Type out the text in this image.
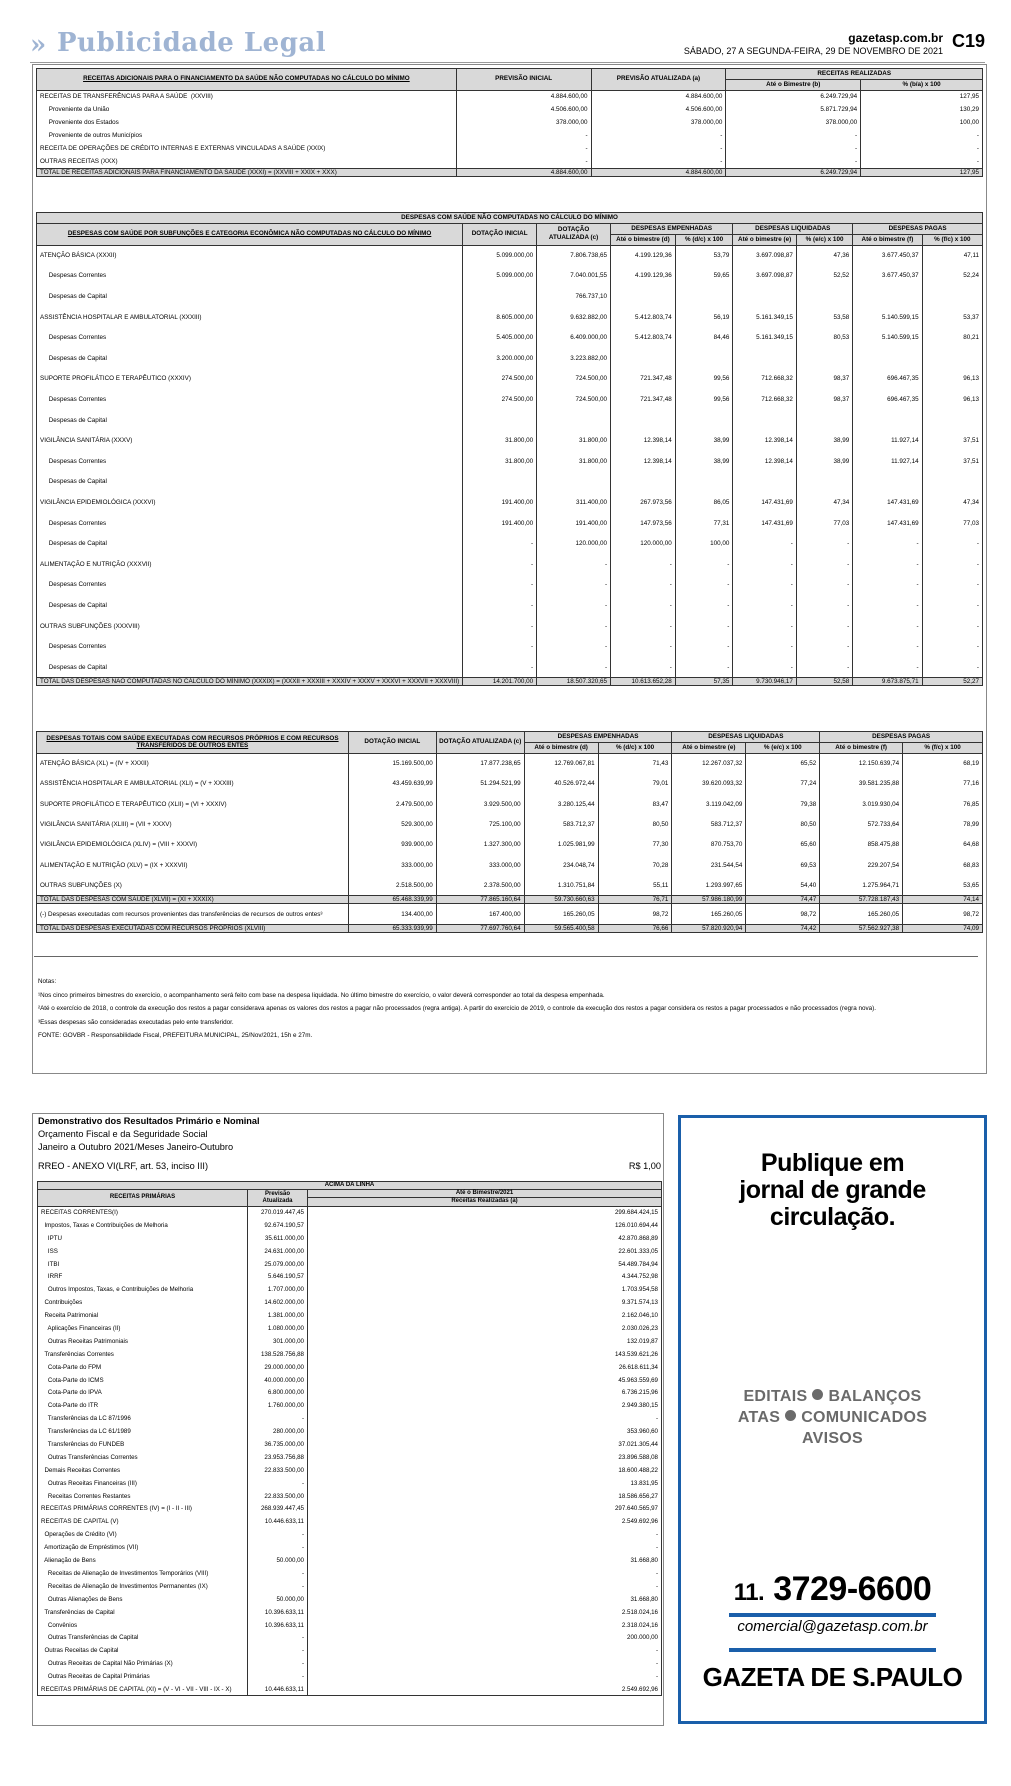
» Publicidade Legal	gazetasp.com.br
SÁBADO, 27 A SEGUNDA-FEIRA, 29 DE NOVEMBRO DE 2021 C19
RECEITAS ADICIONAIS PARA O FINANCIAMENTO DA SAÚDE NÃO COMPUTADAS NO CÁLCULO DO MÍNIMO	PREVISÃO INICIAL	PREVISÃO ATUALIZADA (a)	RECEITAS REALIZADAS	
			Até o Bimestre (b)	% (b/a) x 100
RECEITAS DE TRANSFERÊNCIAS PARA A SAÚDE  (XXVIII)	4.884.600,00	4.884.600,00	6.249.729,94	127,95
Proveniente da União	4.506.600,00	4.506.600,00	5.871.729,94	130,29
Proveniente dos Estados	378.000,00	378.000,00	378.000,00	100,00
Proveniente de outros Municípios	-	-	-	-
RECEITA DE OPERAÇÕES DE CRÉDITO INTERNAS E EXTERNAS VINCULADAS A SAÚDE (XXIX)	-	-	-	-
OUTRAS RECEITAS (XXX)	-	-	-	-
TOTAL DE RECEITAS ADICIONAIS PARA FINANCIAMENTO DA SAÚDE (XXXI) = (XXVIII + XXIX + XXX)	4.884.600,00	4.884.600,00	6.249.729,94	127,95
DESPESAS COM SAÚDE NÃO COMPUTADAS NO CÁLCULO DO MÍNIMO								
DESPESAS COM SAÚDE POR SUBFUNÇÕES E CATEGORIA ECONÔMICA NÃO COMPUTADAS NO CÁLCULO DO MÍNIMO	DOTAÇÃO INICIAL	DOTAÇÃO ATUALIZADA (c)	DESPESAS EMPENHADAS		DESPESAS LIQUIDADAS		DESPESAS PAGAS	
			Até o bimestre (d)	% (d/c) x 100	Até o bimestre (e)	% (e/c) x 100	Até o bimestre (f)	% (f/c) x 100
ATENÇÃO BÁSICA (XXXII)	5.099.000,00	7.806.738,65	4.199.129,36	53,79	3.697.098,87	47,36	3.677.450,37	47,11
Despesas Correntes	5.099.000,00	7.040.001,55	4.199.129,36	59,65	3.697.098,87	52,52	3.677.450,37	52,24
Despesas de Capital		766.737,10						
ASSISTÊNCIA HOSPITALAR E AMBULATORIAL (XXXIII)	8.605.000,00	9.632.882,00	5.412.803,74	56,19	5.161.349,15	53,58	5.140.599,15	53,37
Despesas Correntes	5.405.000,00	6.409.000,00	5.412.803,74	84,46	5.161.349,15	80,53	5.140.599,15	80,21
Despesas de Capital	3.200.000,00	3.223.882,00						
SUPORTE PROFILÁTICO E TERAPÊUTICO (XXXIV)	274.500,00	724.500,00	721.347,48	99,56	712.668,32	98,37	696.467,35	96,13
Despesas Correntes	274.500,00	724.500,00	721.347,48	99,56	712.668,32	98,37	696.467,35	96,13
Despesas de Capital								
VIGILÂNCIA SANITÁRIA (XXXV)	31.800,00	31.800,00	12.398,14	38,99	12.398,14	38,99	11.927,14	37,51
Despesas Correntes	31.800,00	31.800,00	12.398,14	38,99	12.398,14	38,99	11.927,14	37,51
Despesas de Capital								
VIGILÂNCIA EPIDEMIOLÓGICA (XXXVI)	191.400,00	311.400,00	267.973,56	86,05	147.431,69	47,34	147.431,69	47,34
Despesas Correntes	191.400,00	191.400,00	147.973,56	77,31	147.431,69	77,03	147.431,69	77,03
Despesas de Capital	-	120.000,00	120.000,00	100,00	-	-	-	-
ALIMENTAÇÃO E NUTRIÇÃO (XXXVII)	-	-	-	-	-	-	-	-
Despesas Correntes	-	-	-	-	-	-	-	-
Despesas de Capital	-	-	-	-	-	-	-	-
OUTRAS SUBFUNÇÕES (XXXVIII)	-	-	-	-	-	-	-	-
Despesas Correntes	-	-	-	-	-	-	-	-
Despesas de Capital	-	-	-	-	-	-	-	-
TOTAL DAS DESPESAS NÃO COMPUTADAS NO CÁLCULO DO MÍNIMO (XXXIX) = (XXXII + XXXIII + XXXIV + XXXV + XXXVI + XXXVII + XXXVIII)	14.201.700,00	18.507.320,65	10.613.652,28	57,35	9.730.946,17	52,58	9.673.875,71	52,27
DESPESAS TOTAIS COM SAÚDE EXECUTADAS COM RECURSOS PRÓPRIOS E COM RECURSOS TRANSFERIDOS DE OUTROS ENTES	DOTAÇÃO INICIAL	DOTAÇÃO ATUALIZADA (c)	DESPESAS EMPENHADAS		DESPESAS LIQUIDADAS		DESPESAS PAGAS	
			Até o bimestre (d)	% (d/c) x 100	Até o bimestre (e)	% (e/c) x 100	Até o bimestre (f)	% (f/c) x 100
ATENÇÃO BÁSICA (XL) = (IV + XXXII)	15.169.500,00	17.877.238,65	12.769.067,81	71,43	12.267.037,32	65,52	12.150.639,74	68,19
ASSISTÊNCIA HOSPITALAR E AMBULATORIAL (XLI) = (V + XXXIII)	43.459.639,99	51.294.521,99	40.526.972,44	79,01	39.620.093,32	77,24	39.581.235,88	77,16
SUPORTE PROFILÁTICO E TERAPÊUTICO (XLII) = (VI + XXXIV)	2.479.500,00	3.929.500,00	3.280.125,44	83,47	3.119.042,09	79,38	3.019.930,04	76,85
VIGILÂNCIA SANITÁRIA (XLIII) = (VII + XXXV)	529.300,00	725.100,00	583.712,37	80,50	583.712,37	80,50	572.733,64	78,99
VIGILÂNCIA EPIDEMIOLÓGICA (XLIV) = (VIII + XXXVI)	939.900,00	1.327.300,00	1.025.981,99	77,30	870.753,70	65,60	858.475,88	64,68
ALIMENTAÇÃO E NUTRIÇÃO (XLV) = (IX + XXXVII)	333.000,00	333.000,00	234.048,74	70,28	231.544,54	69,53	229.207,54	68,83
OUTRAS SUBFUNÇÕES (X)	2.518.500,00	2.378.500,00	1.310.751,84	55,11	1.293.997,65	54,40	1.275.964,71	53,65
TOTAL DAS DESPESAS COM SAÚDE (XLVII) = (XI + XXXIX)	65.468.339,99	77.865.160,64	59.730.660,63	76,71	57.986.180,99	74,47	57.728.187,43	74,14
(-) Despesas executadas com recursos provenientes das transferências de recursos de outros entes³	134.400,00	167.400,00	165.260,05	98,72	165.260,05	98,72	165.260,05	98,72
TOTAL DAS DESPESAS EXECUTADAS COM RECURSOS PRÓPRIOS (XLVIII)	65.333.939,99	77.697.760,64	59.565.400,58	76,66	57.820.920,94	74,42	57.562.927,38	74,09

Notas:

¹Nos cinco primeiros bimestres do exercício, o acompanhamento será feito com base na despesa liquidada. No último bimestre do exercício, o valor deverá corresponder ao total da despesa empenhada.

²Até o exercício de 2018, o controle da execução dos restos a pagar considerava apenas os valores dos restos a pagar não processados (regra antiga). A partir do exercício de 2019, o controle da execução dos restos a pagar considera os restos a pagar processados e não processados (regra nova).

³Essas despesas são consideradas executadas pelo ente transferidor.

FONTE: GOVBR - Responsabilidade Fiscal, PREFEITURA MUNICIPAL, 25/Nov/2021, 15h e 27m.

Demonstrativo dos Resultados Primário e Nominal
Orçamento Fiscal e da Seguridade Social
Janeiro a Outubro 2021/Meses Janeiro-Outubro
RREO - ANEXO VI(LRF, art. 53, inciso III)	R$ 1,00
ACIMA DA LINHA		
RECEITAS PRIMÁRIAS	Previsão Atualizada	Até o Bimestre/2021
		Receitas Realizadas (a)
RECEITAS CORRENTES(I)	270.019.447,45	299.684.424,15
Impostos, Taxas e Contribuições de Melhoria	92.674.190,57	126.010.694,44
IPTU	35.611.000,00	42.870.868,89
ISS	24.631.000,00	22.601.333,05
ITBI	25.079.000,00	54.489.784,94
IRRF	5.646.190,57	4.344.752,98
Outros Impostos, Taxas, e Contribuições de Melhoria	1.707.000,00	1.703.954,58
Contribuições	14.602.000,00	9.371.574,13
Receita Patrimonial	1.381.000,00	2.162.046,10
Aplicações Financeiras (II)	1.080.000,00	2.030.026,23
Outras Receitas Patrimoniais	301.000,00	132.019,87
Transferências Correntes	138.528.756,88	143.539.621,26
Cota-Parte do FPM	29.000.000,00	26.618.611,34
Cota-Parte do ICMS	40.000.000,00	45.963.559,69
Cota-Parte do IPVA	6.800.000,00	6.736.215,96
Cota-Parte do ITR	1.760.000,00	2.949.380,15
Transferências da LC 87/1996	-	-
Transferências da LC 61/1989	280.000,00	353.960,60
Transferências do FUNDEB	36.735.000,00	37.021.305,44
Outras Transferências Correntes	23.953.756,88	23.896.588,08
Demais Receitas Correntes	22.833.500,00	18.600.488,22
Outras Receitas Financeiras (III)	-	13.831,95
Receitas Correntes Restantes	22.833.500,00	18.586.656,27
RECEITAS PRIMÁRIAS CORRENTES (IV) = (I - II - III)	268.939.447,45	297.640.565,97
RECEITAS DE CAPITAL (V)	10.446.633,11	2.549.692,96
Operações de Crédito (VI)	-	-
Amortização de Empréstimos (VII)	-	-
Alienação de Bens	50.000,00	31.668,80
Receitas de Alienação de Investimentos Temporários (VIII)	-	-
Receitas de Alienação de Investimentos Permanentes (IX)	-	-
Outras Alienações de Bens	50.000,00	31.668,80
Transferências de Capital	10.396.633,11	2.518.024,16
Convênios	10.396.633,11	2.318.024,16
Outras Transferências de Capital	-	200.000,00
Outras Receitas de Capital	-	-
Outras Receitas de Capital Não Primárias (X)	-	-
Outras Receitas de Capital Primárias	-	-
RECEITAS PRIMÁRIAS DE CAPITAL (XI) = (V - VI - VII - VIII - IX - X)	10.446.633,11	2.549.692,96
Publique em
jornal de grande
circulação.
EDITAIS BALANÇOS
ATAS COMUNICADOS
AVISOS
11. 3729-6600
comercial@gazetasp.com.br
GAZETA DE S.PAULO
